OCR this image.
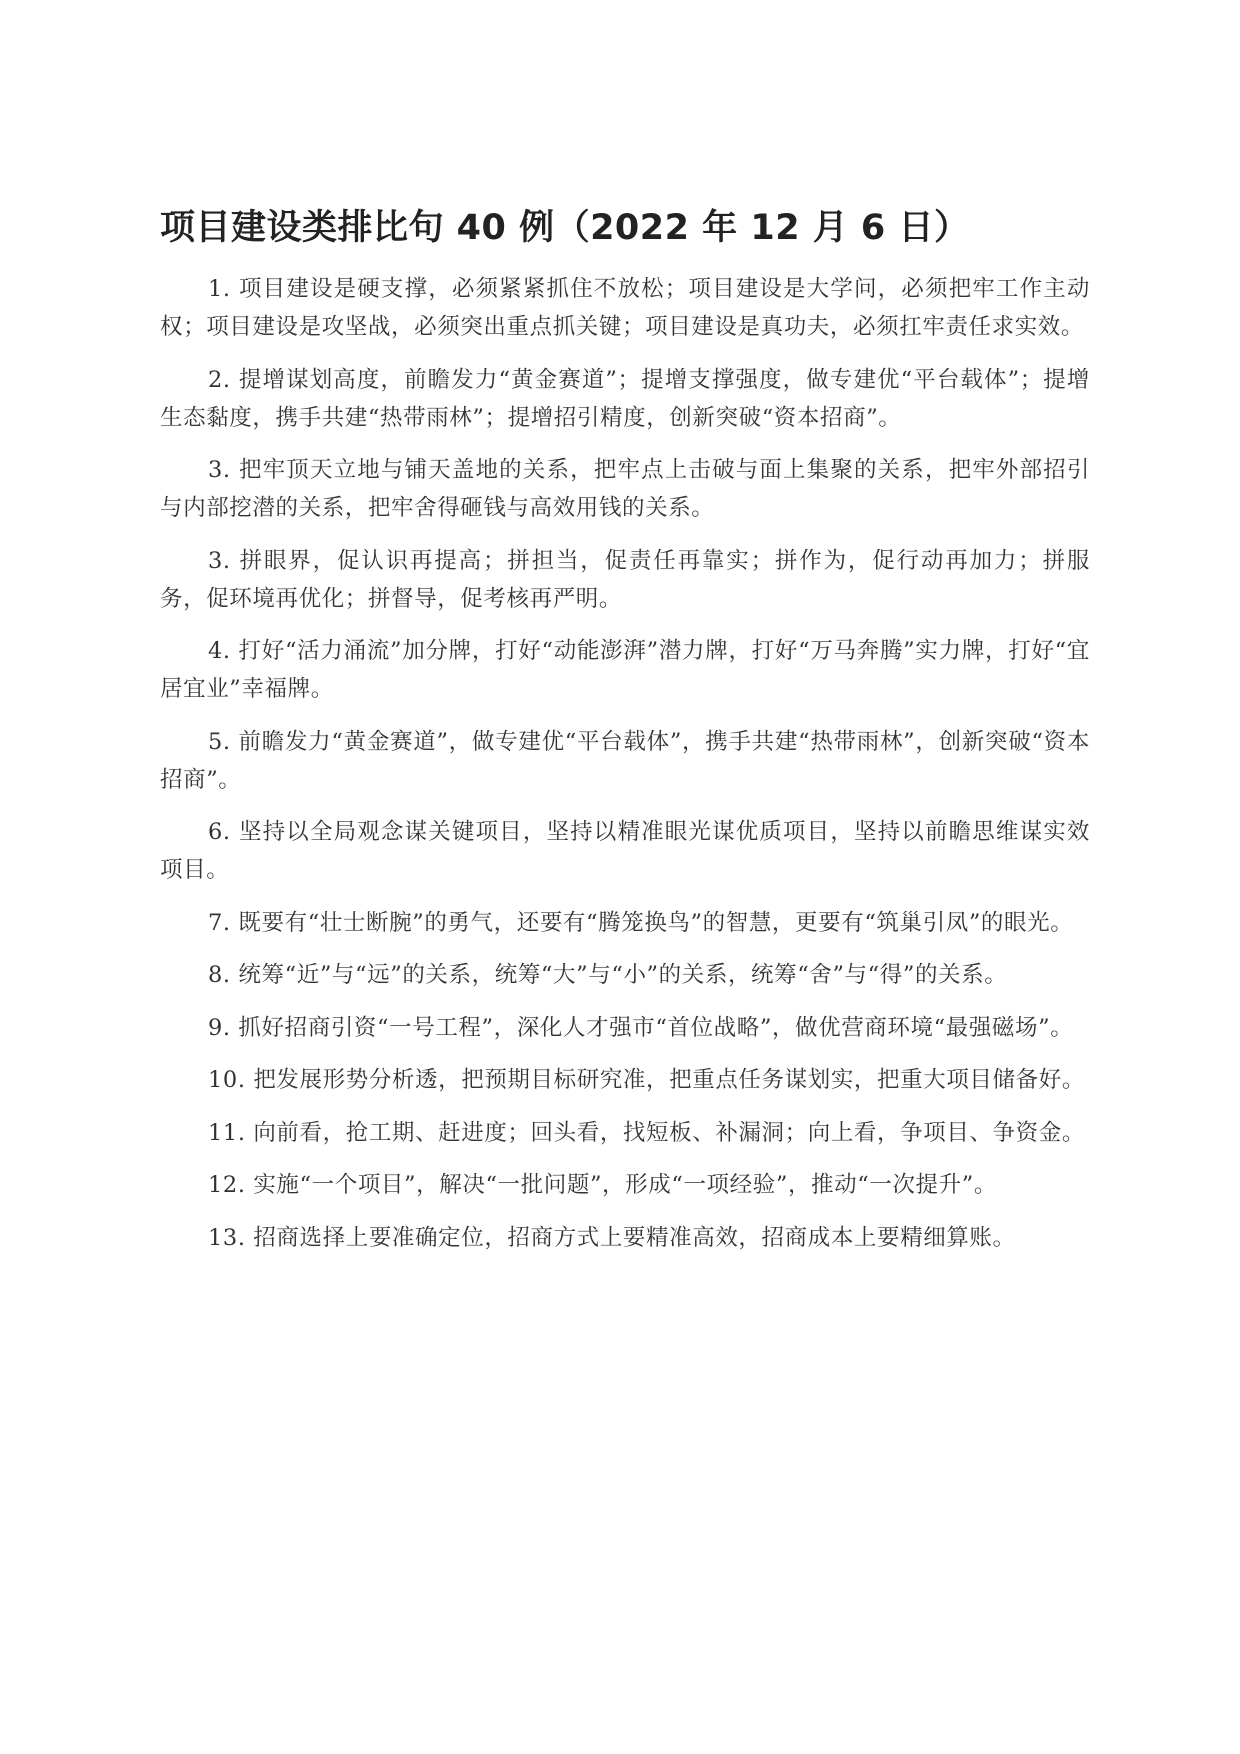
项目建设类排比句 40 例（2022 年 12 月 6 日）

1. 项目建设是硬支撑，必须紧紧抓住不放松；项目建设是大学问，必须把牢工作主动权；项目建设是攻坚战，必须突出重点抓关键；项目建设是真功夫，必须扛牢责任求实效。

2. 提增谋划高度，前瞻发力“黄金赛道”；提增支撑强度，做专建优“平台载体”；提增生态黏度，携手共建“热带雨林”；提增招引精度，创新突破“资本招商”。

3. 把牢顶天立地与铺天盖地的关系，把牢点上击破与面上集聚的关系，把牢外部招引与内部挖潜的关系，把牢舍得砸钱与高效用钱的关系。

3. 拼眼界，促认识再提高；拼担当，促责任再靠实；拼作为，促行动再加力；拼服务，促环境再优化；拼督导，促考核再严明。

4. 打好“活力涌流”加分牌，打好“动能澎湃”潜力牌，打好“万马奔腾”实力牌，打好“宜居宜业”幸福牌。

5. 前瞻发力“黄金赛道”，做专建优“平台载体”，携手共建“热带雨林”，创新突破“资本招商”。

6. 坚持以全局观念谋关键项目，坚持以精准眼光谋优质项目，坚持以前瞻思维谋实效项目。

7. 既要有“壮士断腕”的勇气，还要有“腾笼换鸟”的智慧，更要有“筑巢引凤”的眼光。

8. 统筹“近”与“远”的关系，统筹“大”与“小”的关系，统筹“舍”与“得”的关系。

9. 抓好招商引资“一号工程”，深化人才强市“首位战略”，做优营商环境“最强磁场”。

10. 把发展形势分析透，把预期目标研究准，把重点任务谋划实，把重大项目储备好。

11. 向前看，抢工期、赶进度；回头看，找短板、补漏洞；向上看，争项目、争资金。

12. 实施“一个项目”，解决“一批问题”，形成“一项经验”，推动“一次提升”。

13. 招商选择上要准确定位，招商方式上要精准高效，招商成本上要精细算账。
